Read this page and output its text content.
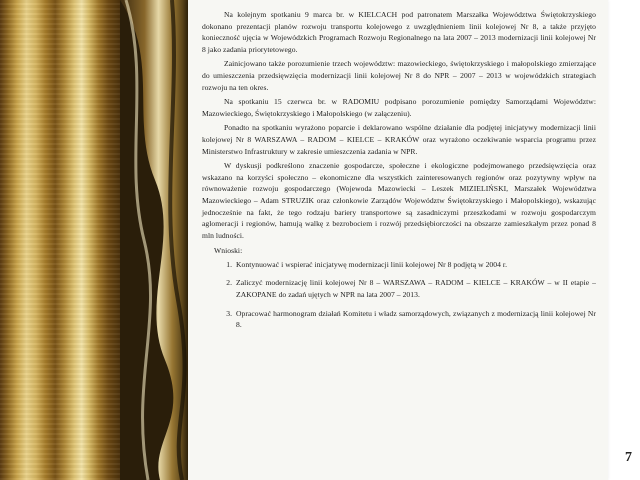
Na kolejnym spotkaniu 9 marca br. w KIELCACH pod patronatem Marszałka Województwa Świętokrzyskiego dokonano prezentacji planów rozwoju transportu kolejowego z uwzględnieniem linii kolejowej Nr 8, a także przyjęto konieczność ujęcia w Wojewódzkich Programach Rozwoju Regionalnego na lata 2007 – 2013 modernizacji linii kolejowej Nr 8 jako zadania priorytetowego.

Zainicjowano także porozumienie trzech województw: mazowieckiego, świętokrzyskiego i małopolskiego zmierzające do umieszczenia przedsięwzięcia modernizacji linii kolejowej Nr 8 do NPR – 2007 – 2013 w wojewódzkich strategiach rozwoju na ten okres.

Na spotkaniu 15 czerwca br. w RADOMIU podpisano porozumienie pomiędzy Samorządami Województw: Mazowieckiego, Świętokrzyskiego i Małopolskiego (w załączeniu).

Ponadto na spotkaniu wyrażono poparcie i deklarowano wspólne działanie dla podjętej inicjatywy modernizacji linii kolejowej Nr 8 WARSZAWA – RADOM – KIELCE – KRAKÓW oraz wyrażono oczekiwanie wsparcia programu przez Ministerstwo Infrastruktury w zakresie umieszczenia zadania w NPR.

W dyskusji podkreślono znaczenie gospodarcze, społeczne i ekologiczne podejmowanego przedsięwzięcia oraz wskazano na korzyści społeczno – ekonomiczne dla wszystkich zainteresowanych regionów oraz pozytywny wpływ na równoważenie rozwoju gospodarczego (Wojewoda Mazowiecki – Leszek MIZIELIŃSKI, Marszałek Województwa Mazowieckiego – Adam STRUZIK oraz członkowie Zarządów Województw Świętokrzyskiego i Małopolskiego), wskazując jednocześnie na fakt, że tego rodzaju bariery transportowe są zasadniczymi przeszkodami w rozwoju gospodarczym aglomeracji i regionów, hamują walkę z bezrobociem i rozwój przedsiębiorczości na obszarze zamieszkałym przez ponad 8 mln ludności.

Wnioski:
1. Kontynuować i wspierać inicjatywę modernizacji linii kolejowej Nr 8 podjętą w 2004 r.
2. Zaliczyć modernizację linii kolejowej Nr 8 – WARSZAWA – RADOM – KIELCE – KRAKÓW – w II etapie – ZAKOPANE do zadań ujętych w NPR na lata 2007 – 2013.
3. Opracować harmonogram działań Komitetu i władz samorządowych, związanych z modernizacją linii kolejowej Nr 8.
7
